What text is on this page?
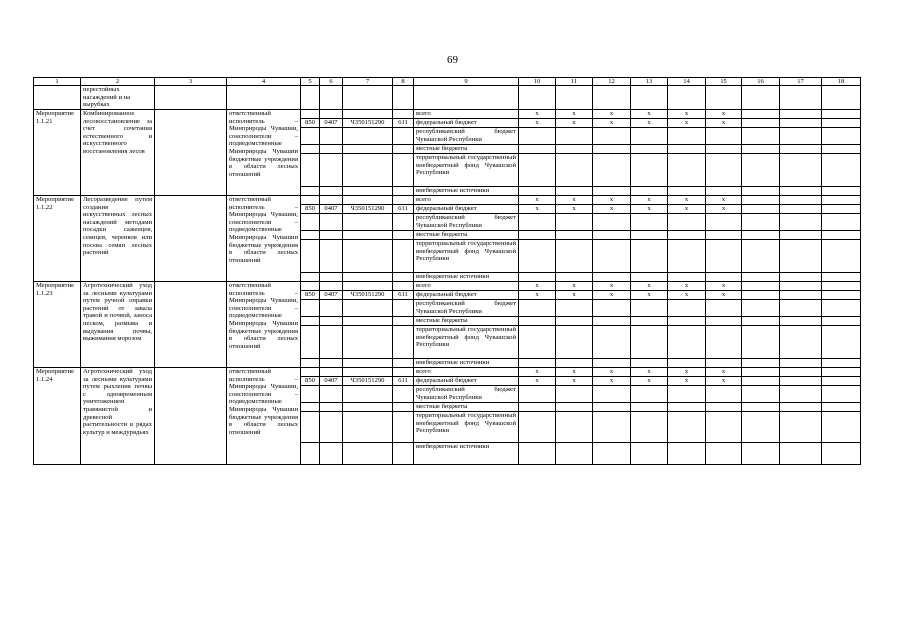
69
1	2	3	4	5	6	7	8	9	10	11	12	13	14	15	16	17	18
	перестойных насаждений и на вырубках																
Мероприятие 1.1.21	Комбинированное лесовосстановление за счет сочетания естественного и искусственного восстановления лесов		ответственный исполнитель – Минприроды Чувашии, соисполнители – подведомственные Минприроды Чувашии бюджетные учреждения в области лесных отношений					всего	x	x	x	x	x	x			
				850	0407	Ч350151290	611	федеральный бюджет	x	x	x	x	x	x			
								республиканский бюджет Чувашской Республики									
								местные бюджеты									
								территориальный государственный внебюджетный фонд Чувашской Республики									
								внебюджетные источники									
Мероприятие 1.1.22	Лесоразведение путем создания искусственных лесных насаждений методами посадки саженцев, сеянцев, черенков или посева семян лесных растений		ответственный исполнитель – Минприроды Чувашии, соисполнители – подведомственные Минприроды Чувашии бюджетные учреждения в области лесных отношений					всего	x	x	x	x	x	x			
				850	0407	Ч350151290	611	федеральный бюджет	x	x	x	x	x	x			
								республиканский бюджет Чувашской Республики									
								местные бюджеты									
								территориальный государственный внебюджетный фонд Чувашской Республики									
								внебюджетные источники									
Мероприятие 1.1.23	Агротехнический уход за лесными культурами путем ручной оправки растений от завала травой и почвой, заноса песком, размыва и выдувания почвы, выжимания морозом		ответственный исполнитель – Минприроды Чувашии, соисполнители – подведомственные Минприроды Чувашии бюджетные учреждения в области лесных отношений					всего	x	x	x	x	x	x			
				850	0407	Ч350151290	611	федеральный бюджет	x	x	x	x	x	x			
								республиканский бюджет Чувашской Республики									
								местные бюджеты									
								территориальный государственный внебюджетный фонд Чувашской Республики									
								внебюджетные источники									
Мероприятие 1.1.24	Агротехнический уход за лесными культурами путем рыхления почвы с одновременным уничтожением травянистой и древесной растительности в рядах культур и междурядьях		ответственный исполнитель – Минприроды Чувашии, соисполнители – подведомственные Минприроды Чувашии бюджетные учреждения в области лесных отношений					всего	x	x	x	x	x	x			
				850	0407	Ч350151290	611	федеральный бюджет	x	x	x	x	x	x			
								республиканский бюджет Чувашской Республики									
								местные бюджеты									
								территориальный государственный внебюджетный фонд Чувашской Республики									
								внебюджетные источники									
